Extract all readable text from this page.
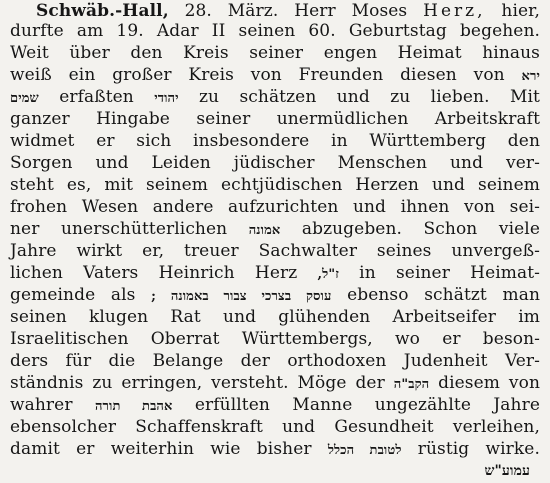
Schwäb.-Hall, 28. März. Herr Moses Herz, hier,
durfte am 19. Adar II seinen 60. Geburtstag begehen.
Weit über den Kreis seiner engen Heimat hinaus
weiß ein großer Kreis von Freunden diesen von ירא
שמים erfaßten יהודי zu schätzen und zu lieben. Mit
ganzer Hingabe seiner unermüdlichen Arbeitskraft
widmet er sich insbesondere in Württemberg den
Sorgen und Leiden jüdischer Menschen und ver-
steht es, mit seinem echtjüdischen Herzen und seinem
frohen Wesen andere aufzurichten und ihnen von sei-
ner unerschütterlichen אמונה abzugeben. Schon viele
Jahre wirkt er, treuer Sachwalter seines unvergeß-
lichen Vaters Heinrich Herz ז"ל, in seiner Heimat-
gemeinde als עוסק בצרכי צבור באמונה ; ebenso schätzt man
seinen klugen Rat und glühenden Arbeitseifer im
Israelitischen Oberrat Württembergs, wo er beson-
ders für die Belange der orthodoxen Judenheit Ver-
ständnis zu erringen, versteht. Möge der הקב"ה diesem von
wahrer אהבת תורה erfüllten Manne ungezählte Jahre
ebensolcher Schaffenskraft und Gesundheit verleihen,
damit er weiterhin wie bisher לטובת הכלל rüstig wirke.
עמוע"ש
